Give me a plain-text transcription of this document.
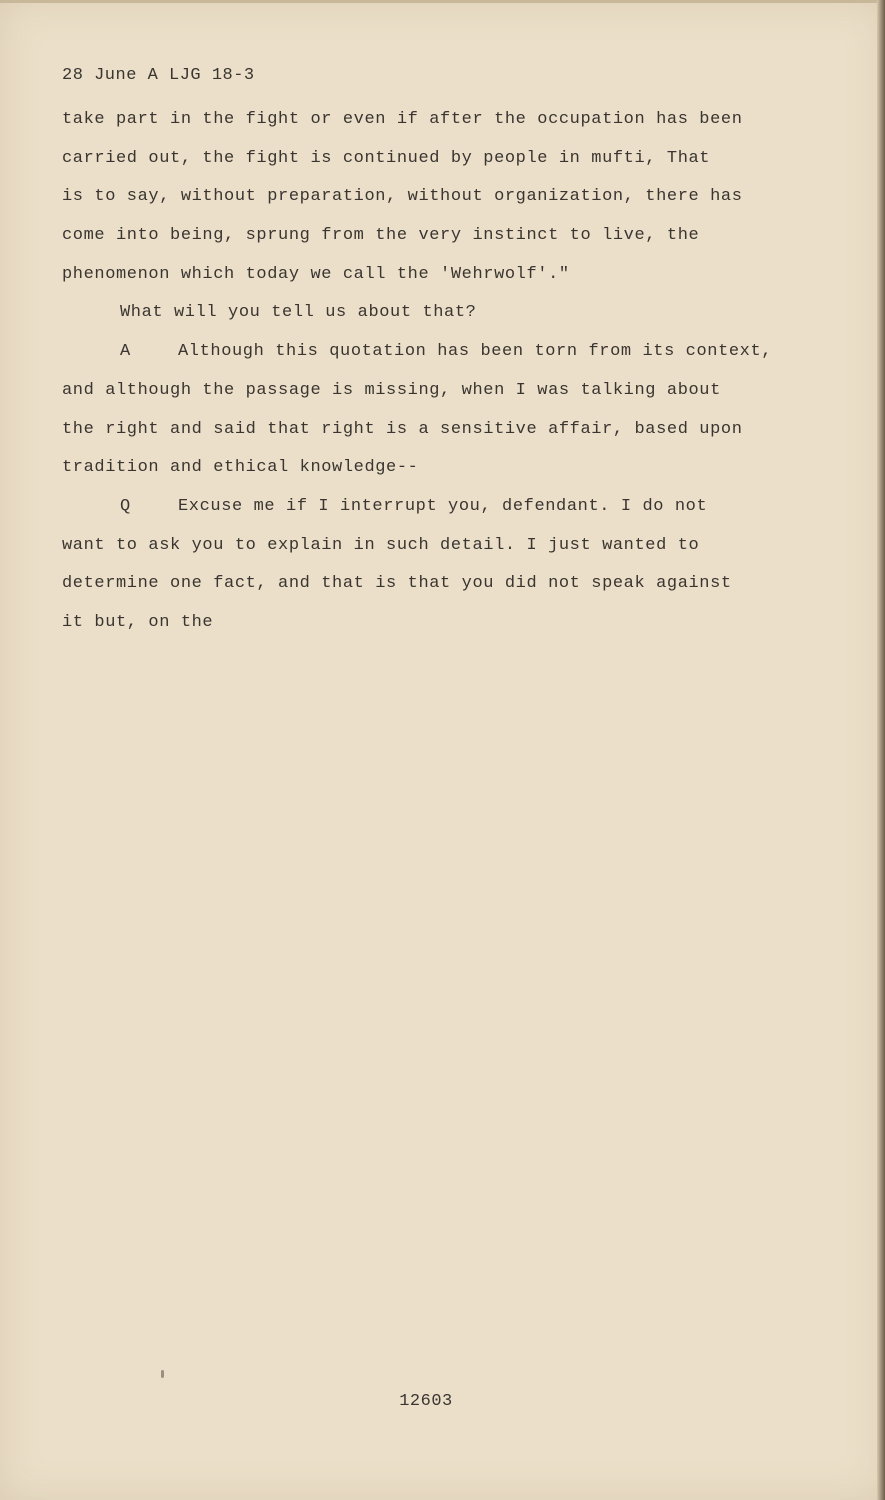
28 June A LJG 18-3
take part in the fight or even if after the occupation has been
carried out, the fight is continued by people in mufti, That
is to say, without preparation, without organization, there has
come into being, sprung from the very instinct to live, the
phenomenon which today we call the 'Wehrwolf'."
What will you tell us about that?
A	Although this quotation has been torn from its context,
and although the passage is missing, when I was talking about
the right and said that right is a sensitive affair, based upon
tradition and ethical knowledge--
Q	Excuse me if I interrupt you, defendant. I do not
want to ask you to explain in such detail. I just wanted to
determine one fact, and that is that you did not speak against
it but, on the
12603
